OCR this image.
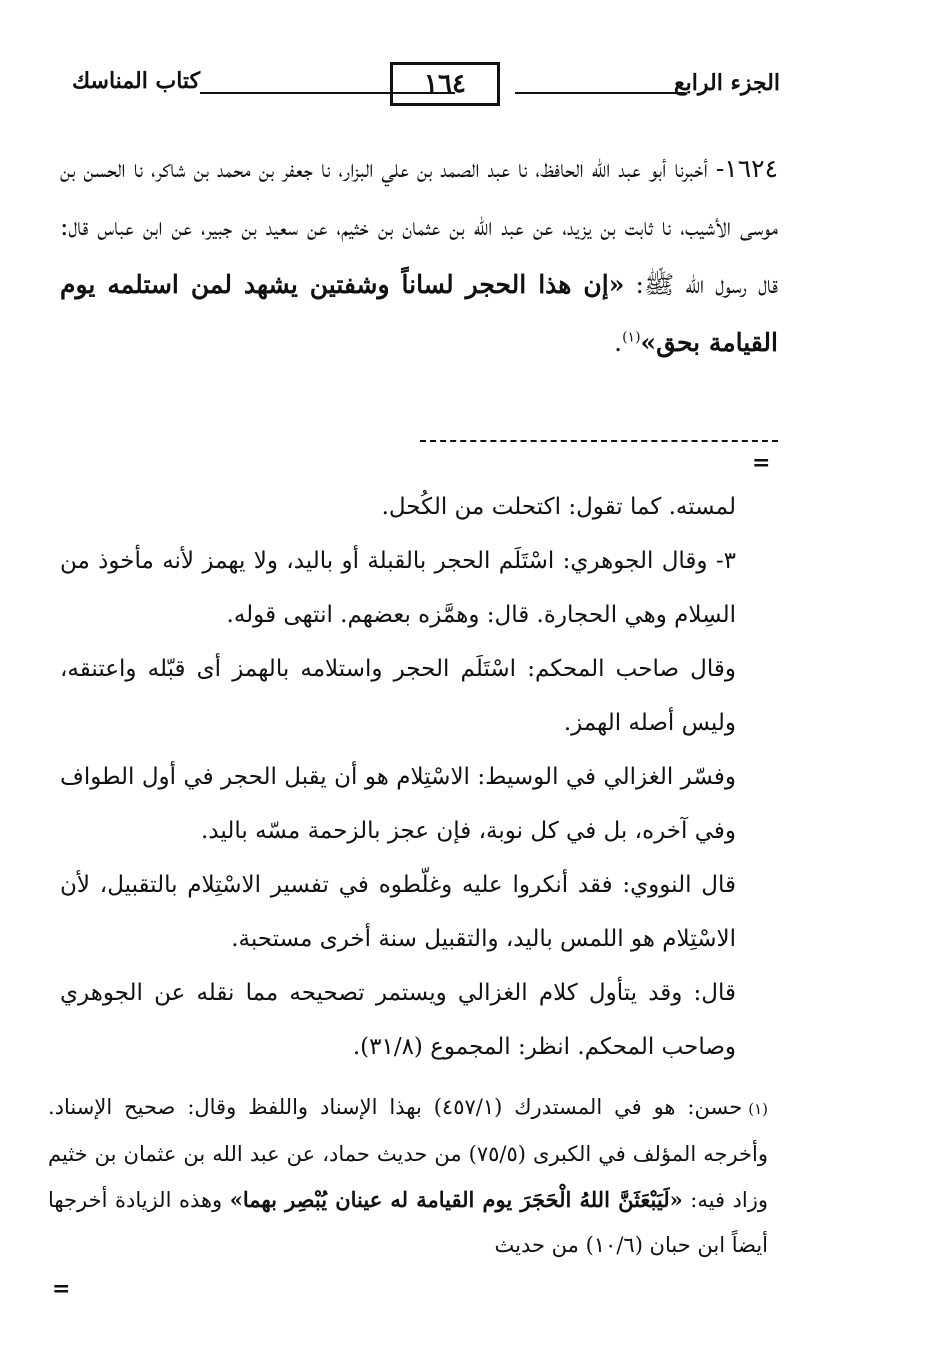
الجزء الرابع
١٦٤
كتاب المناسك

١٦٢٤- أخبرنا أبو عبد الله الحافظ، نا عبد الصمد بن علي البزار، نا جعفر بن محمد بن شاكر، نا الحسن بن موسى الأشيب، نا ثابت بن يزيد، عن عبد الله بن عثمان بن خثيم، عن سعيد بن جبير، عن ابن عباس قال: قال رسول الله ﷺ: «إن هذا الحجر لساناً وشفتين يشهد لمن استلمه يوم القيامة بحق»$^{(١)}$.

=

لمسته. كما تقول: اكتحلت من الكُحل.

٣- وقال الجوهري: اسْتَلَم الحجر بالقبلة أو باليد، ولا يهمز لأنه مأخوذ من السِلام وهي الحجارة. قال: وهمَّزه بعضهم. انتهى قوله.

وقال صاحب المحكم: اسْتَلَم الحجر واستلامه بالهمز أى قبّله واعتنقه، وليس أصله الهمز.

وفسّر الغزالي في الوسيط: الاسْتِلام هو أن يقبل الحجر في أول الطواف وفي آخره، بل في كل نوبة، فإن عجز بالزحمة مسّه باليد.

قال النووي: فقد أنكروا عليه وغلّطوه في تفسير الاسْتِلام بالتقبيل، لأن الاسْتِلام هو اللمس باليد، والتقبيل سنة أخرى مستحبة.

قال: وقد يتأول كلام الغزالي ويستمر تصحيحه مما نقله عن الجوهري وصاحب المحكم. انظر: المجموع (٣١/٨).

(١)حسن: هو في المستدرك (٤٥٧/١) بهذا الإسناد واللفظ وقال: صحيح الإسناد. وأخرجه المؤلف في الكبرى (٧٥/٥) من حديث حماد، عن عبد الله بن عثمان بن خثيم وزاد فيه: «لَيَبْعَثَنَّ اللهُ الْحَجَرَ يوم القيامة له عينان يُبْصِر بهما» وهذه الزيادة أخرجها أيضاً ابن حبان (١٠/٦) من حديث

=
